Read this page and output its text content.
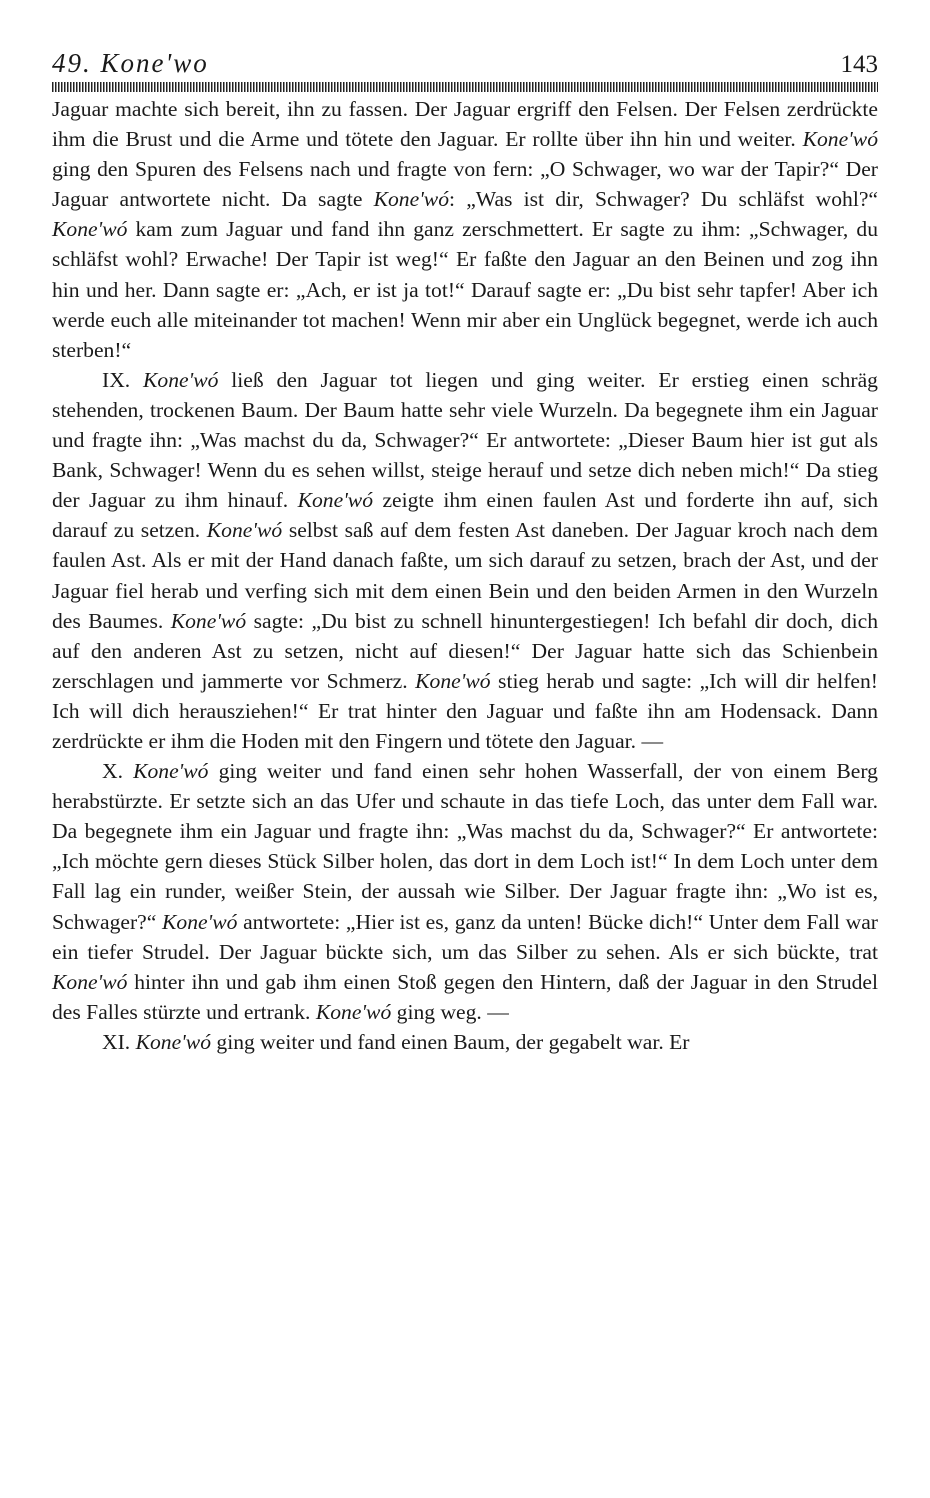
49. Kone'wo	143

Jaguar machte sich bereit, ihn zu fassen. Der Jaguar ergriff den Felsen. Der Felsen zerdrückte ihm die Brust und die Arme und tötete den Jaguar. Er rollte über ihn hin und weiter. Kone'wó ging den Spuren des Felsens nach und fragte von fern: „O Schwager, wo war der Tapir?“ Der Jaguar antwortete nicht. Da sagte Kone'wó: „Was ist dir, Schwager? Du schläfst wohl?“ Kone'wó kam zum Jaguar und fand ihn ganz zerschmettert. Er sagte zu ihm: „Schwager, du schläfst wohl? Erwache! Der Tapir ist weg!“ Er faßte den Jaguar an den Beinen und zog ihn hin und her. Dann sagte er: „Ach, er ist ja tot!“ Darauf sagte er: „Du bist sehr tapfer! Aber ich werde euch alle miteinander tot machen! Wenn mir aber ein Unglück begegnet, werde ich auch sterben!“

IX. Kone'wó ließ den Jaguar tot liegen und ging weiter. Er erstieg einen schräg stehenden, trockenen Baum. Der Baum hatte sehr viele Wurzeln. Da begegnete ihm ein Jaguar und fragte ihn: „Was machst du da, Schwager?“ Er antwortete: „Dieser Baum hier ist gut als Bank, Schwager! Wenn du es sehen willst, steige herauf und setze dich neben mich!“ Da stieg der Jaguar zu ihm hinauf. Kone'wó zeigte ihm einen faulen Ast und forderte ihn auf, sich darauf zu setzen. Kone'wó selbst saß auf dem festen Ast daneben. Der Jaguar kroch nach dem faulen Ast. Als er mit der Hand danach faßte, um sich darauf zu setzen, brach der Ast, und der Jaguar fiel herab und verfing sich mit dem einen Bein und den beiden Armen in den Wurzeln des Baumes. Kone'wó sagte: „Du bist zu schnell hinuntergestiegen! Ich befahl dir doch, dich auf den anderen Ast zu setzen, nicht auf diesen!“ Der Jaguar hatte sich das Schienbein zerschlagen und jammerte vor Schmerz. Kone'wó stieg herab und sagte: „Ich will dir helfen! Ich will dich herausziehen!“ Er trat hinter den Jaguar und faßte ihn am Hodensack. Dann zerdrückte er ihm die Hoden mit den Fingern und tötete den Jaguar. —

X. Kone'wó ging weiter und fand einen sehr hohen Wasserfall, der von einem Berg herabstürzte. Er setzte sich an das Ufer und schaute in das tiefe Loch, das unter dem Fall war. Da begegnete ihm ein Jaguar und fragte ihn: „Was machst du da, Schwager?“ Er antwortete: „Ich möchte gern dieses Stück Silber holen, das dort in dem Loch ist!“ In dem Loch unter dem Fall lag ein runder, weißer Stein, der aussah wie Silber. Der Jaguar fragte ihn: „Wo ist es, Schwager?“ Kone'wó antwortete: „Hier ist es, ganz da unten! Bücke dich!“ Unter dem Fall war ein tiefer Strudel. Der Jaguar bückte sich, um das Silber zu sehen. Als er sich bückte, trat Kone'wó hinter ihn und gab ihm einen Stoß gegen den Hintern, daß der Jaguar in den Strudel des Falles stürzte und ertrank. Kone'wó ging weg. —

XI. Kone'wó ging weiter und fand einen Baum, der gegabelt war. Er
